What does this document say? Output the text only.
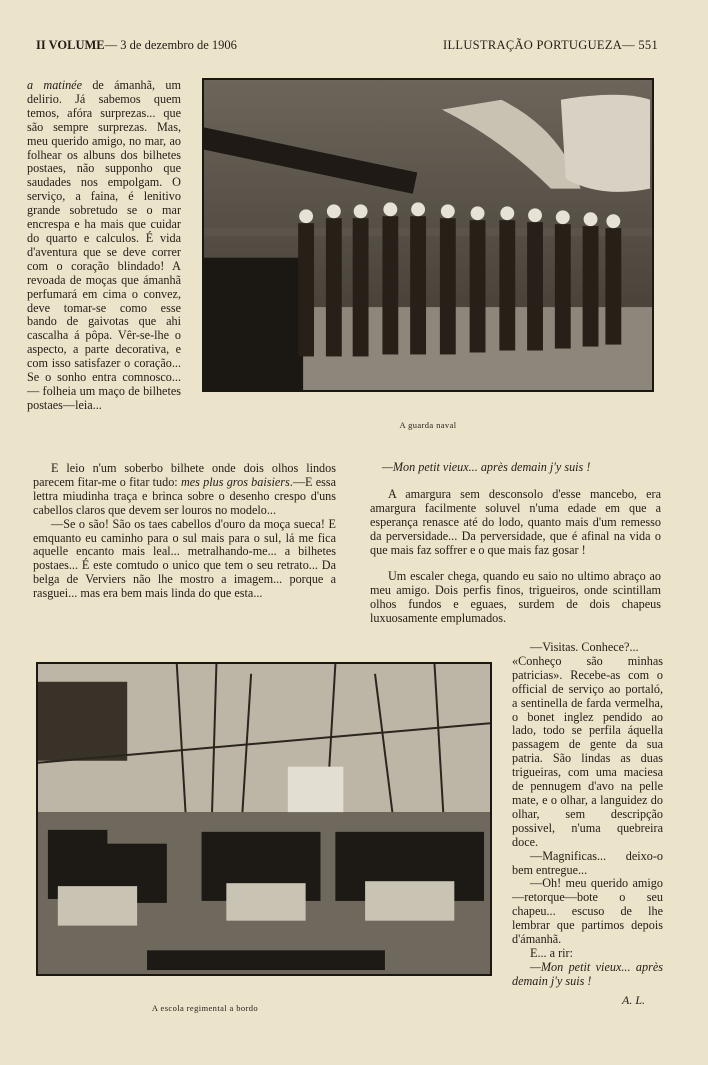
II VOLUME— 3 de dezembro de 1906	ILLUSTRAÇÃO PORTUGUEZA— 551

a matinée de ámanhã, um delirio. Já sabemos quem temos, afóra surprezas... que são sempre surprezas. Mas, meu querido amigo, no mar, ao folhear os albuns dos bilhetes postaes, não supponho que saudades nos empolgam. O serviço, a faina, é lenitivo grande sobretudo se o mar encrespa e ha mais que cuidar do quarto e calculos. É vida d'aventura que se deve correr com o coração blindado! A revoada de moças que ámanhã perfumará em cima o convez, deve tomar-se como esse bando de gaivotas que ahi cascalha á pôpa. Vêr-se-lhe o aspecto, a parte decorativa, e com isso satisfazer o coração... Se o sonho entra comnosco...— folheia um maço de bilhetes postaes—leia...

A guarda naval

E leio n'um soberbo bilhete onde dois olhos lindos parecem fitar-me o fitar tudo: mes plus gros baisiers.—E essa lettra miudinha traça e brinca sobre o desenho crespo d'uns cabellos claros que devem ser louros no modelo...

—Se o são! São os taes cabellos d'ouro da moça sueca! E emquanto eu caminho para o sul mais para o sul, lá me fica aquelle encanto mais leal... metralhando-me... a bilhetes postaes... É este comtudo o unico que tem o seu retrato... Da belga de Verviers não lhe mostro a imagem... porque a rasguei... mas era bem mais linda do que esta...

—Mon petit vieux... après demain j'y suis !

A amargura sem desconsolo d'esse mancebo, era amargura facilmente soluvel n'uma edade em que a esperança renasce até do lodo, quanto mais d'um remesso da perversidade... Da perversidade, que é afinal na vida o que mais faz soffrer e o que mais faz gosar !

Um escaler chega, quando eu saio no ultimo abraço ao meu amigo. Dois perfis finos, trigueiros, onde scintillam olhos fundos e eguaes, surdem de dois chapeus luxuosamente emplumados.

A escola regimental a bordo

—Visitas. Conhece?...

«Conheço são minhas patricias». Recebe-as com o official de serviço ao portaló, a sentinella de farda vermelha, o bonet inglez pendido ao lado, todo se perfila áquella passagem de gente da sua patria. São lindas as duas trigueiras, com uma maciesa de pennugem d'avo na pelle mate, e o olhar, a languidez do olhar, sem descripção possivel, n'uma quebreira doce.

—Magnificas... deixo-o bem entregue...

—Oh! meu querido amigo—retorque—bote o seu chapeu... escuso de lhe lembrar que partimos depois d'ámanhã.

E... a rir:

—Mon petit vieux... après demain j'y suis !

A. L.
